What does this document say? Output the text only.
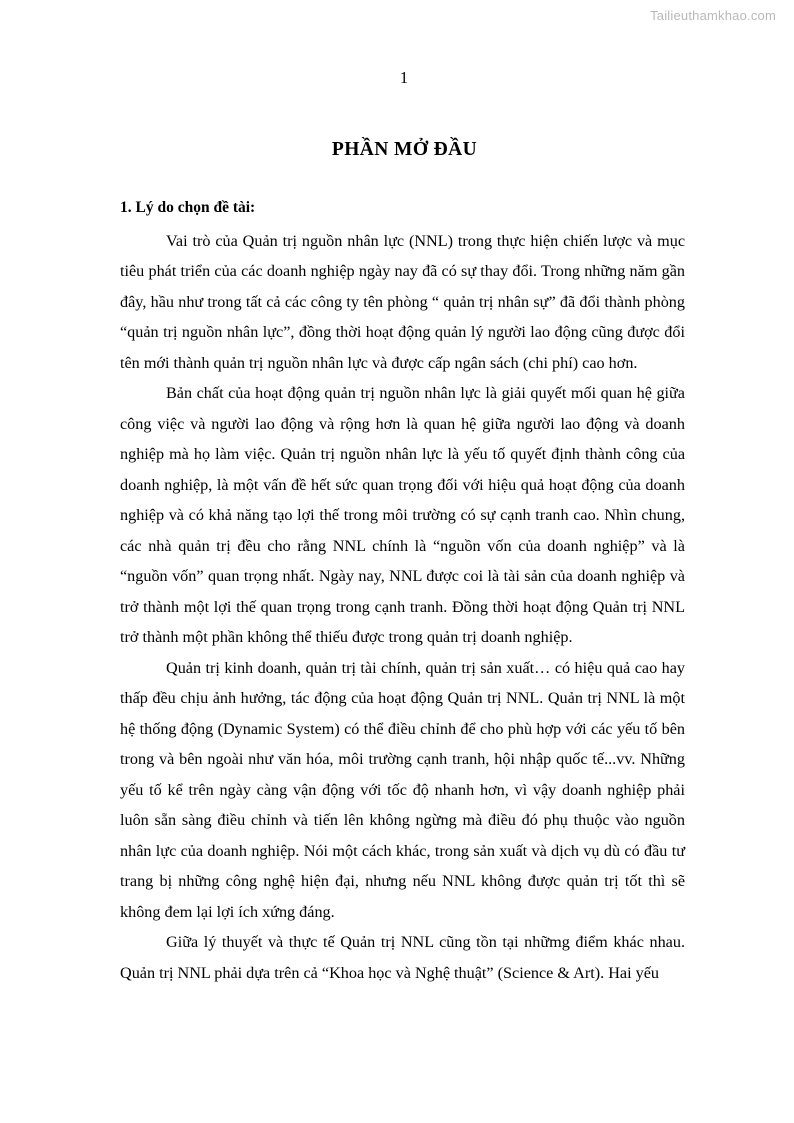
Tailieuthamkhao.com
1
PHẦN MỞ ĐẦU
1. Lý do chọn đề tài:

Vai trò của Quản trị nguồn nhân lực (NNL) trong thực hiện chiến lược và mục tiêu phát triển của các doanh nghiệp ngày nay đã có sự thay đổi. Trong những năm gần đây, hầu như trong tất cả các công ty tên phòng “ quản trị nhân sự” đã đổi thành phòng “quản trị nguồn nhân lực”, đồng thời hoạt động quản lý người lao động cũng được đổi tên mới thành quản trị nguồn nhân lực và được cấp ngân sách (chi phí) cao hơn.

Bản chất của hoạt động quản trị nguồn nhân lực là giải quyết mối quan hệ giữa công việc và người lao động và rộng hơn là quan hệ giữa người lao động và doanh nghiệp mà họ làm việc. Quản trị nguồn nhân lực là yếu tố quyết định thành công của doanh nghiệp, là một vấn đề hết sức quan trọng đối với hiệu quả hoạt động của doanh nghiệp và có khả năng tạo lợi thế trong môi trường có sự cạnh tranh cao. Nhìn chung, các nhà quản trị đều cho rằng NNL chính là “nguồn vốn của doanh nghiệp” và là “nguồn vốn” quan trọng nhất. Ngày nay, NNL được coi là tài sản của doanh nghiệp và trở thành một lợi thế quan trọng trong cạnh tranh. Đồng thời hoạt động Quản trị NNL trở thành một phần không thể thiếu được trong quản trị doanh nghiệp.

Quản trị kinh doanh, quản trị tài chính, quản trị sản xuất… có hiệu quả cao hay thấp đều chịu ảnh hưởng, tác động của hoạt động Quản trị NNL. Quản trị NNL là một hệ thống động (Dynamic System) có thể điều chỉnh để cho phù hợp với các yếu tố bên trong và bên ngoài như văn hóa, môi trường cạnh tranh, hội nhập quốc tế...vv. Những yếu tố kể trên ngày càng vận động với tốc độ nhanh hơn, vì vậy doanh nghiệp phải luôn sẵn sàng điều chỉnh và tiến lên không ngừng mà điều đó phụ thuộc vào nguồn nhân lực của doanh nghiệp. Nói một cách khác, trong sản xuất và dịch vụ dù có đầu tư trang bị những công nghệ hiện đại, nhưng nếu NNL không được quản trị tốt thì sẽ không đem lại lợi ích xứng đáng.

Giữa lý thuyết và thực tế Quản trị NNL cũng tồn tại nhữmg điểm khác nhau. Quản trị NNL phải dựa trên cả “Khoa học và Nghệ thuật” (Science & Art). Hai yếu
